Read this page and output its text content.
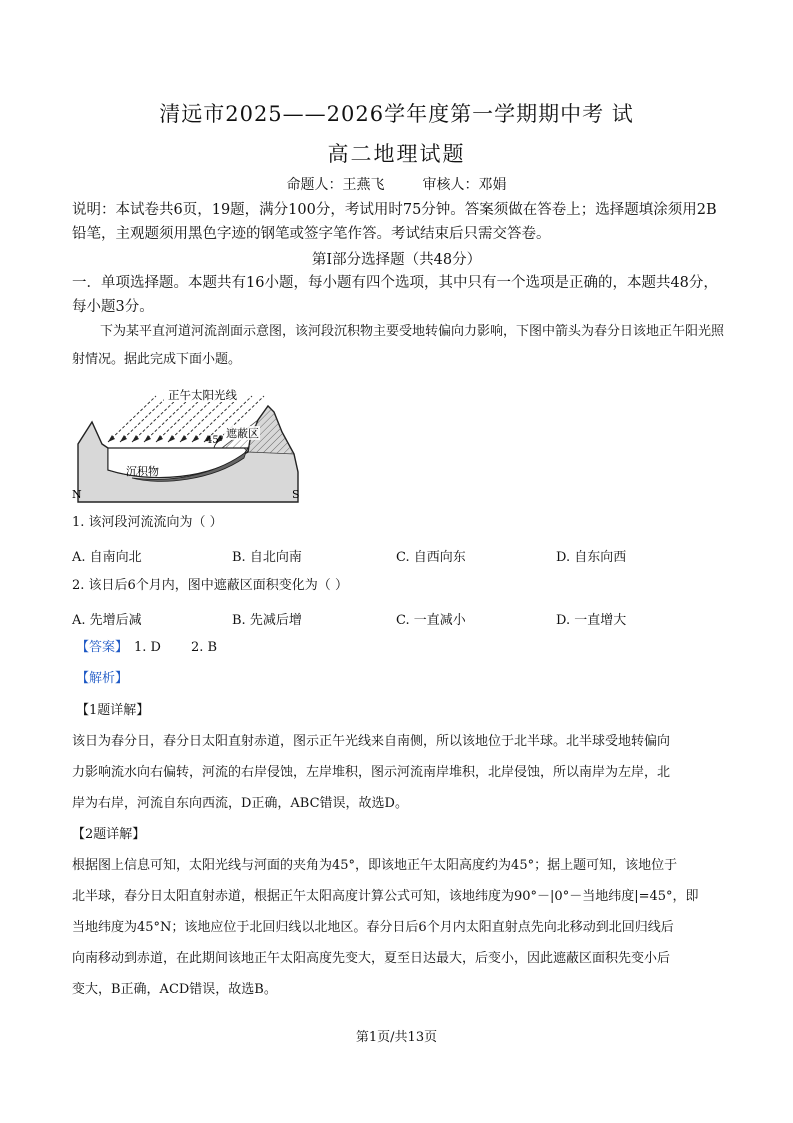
清远市2025——2026学年度第一学期期中考 试
高二地理试题
命题人：王燕飞	审核人：邓娟
说明：本试卷共6页，19题，满分100分，考试用时75分钟。答案须做在答卷上；选择题填涂须用2B铅笔，主观题须用黑色字迹的钢笔或签字笔作答。考试结束后只需交答卷。
第Ⅰ部分选择题（共48分）
一．单项选择题。本题共有16小题，每小题有四个选项，其中只有一个选项是正确的，本题共48分，每小题3分。
下为某平直河道河流剖面示意图，该河段沉积物主要受地转偏向力影响，下图中箭头为春分日该地正午阳光照射情况。据此完成下面小题。
正午太阳光线
遮蔽区
45°
沉积物
N	S
1. 该河段河流流向为（ ）
A. 自南向北	B. 自北向南	C. 自西向东	D. 自东向西
2. 该日后6个月内，图中遮蔽区面积变化为（ ）
A. 先增后减	B. 先减后增	C. 一直减小	D. 一直增大
【答案】 1. D 2. B
【解析】
【1题详解】
该日为春分日，春分日太阳直射赤道，图示正午光线来自南侧，所以该地位于北半球。北半球受地转偏向
力影响流水向右偏转，河流的右岸侵蚀，左岸堆积，图示河流南岸堆积，北岸侵蚀，所以南岸为左岸，北
岸为右岸，河流自东向西流，D正确，ABC错误，故选D。
【2题详解】
根据图上信息可知，太阳光线与河面的夹角为45°，即该地正午太阳高度约为45°；据上题可知，该地位于
北半球，春分日太阳直射赤道，根据正午太阳高度计算公式可知，该地纬度为90°－|0°－当地纬度|=45°，即
当地纬度为45°N；该地应位于北回归线以北地区。春分日后6个月内太阳直射点先向北移动到北回归线后
向南移动到赤道，在此期间该地正午太阳高度先变大，夏至日达最大，后变小，因此遮蔽区面积先变小后
变大，B正确，ACD错误，故选B。
第1页/共13页
